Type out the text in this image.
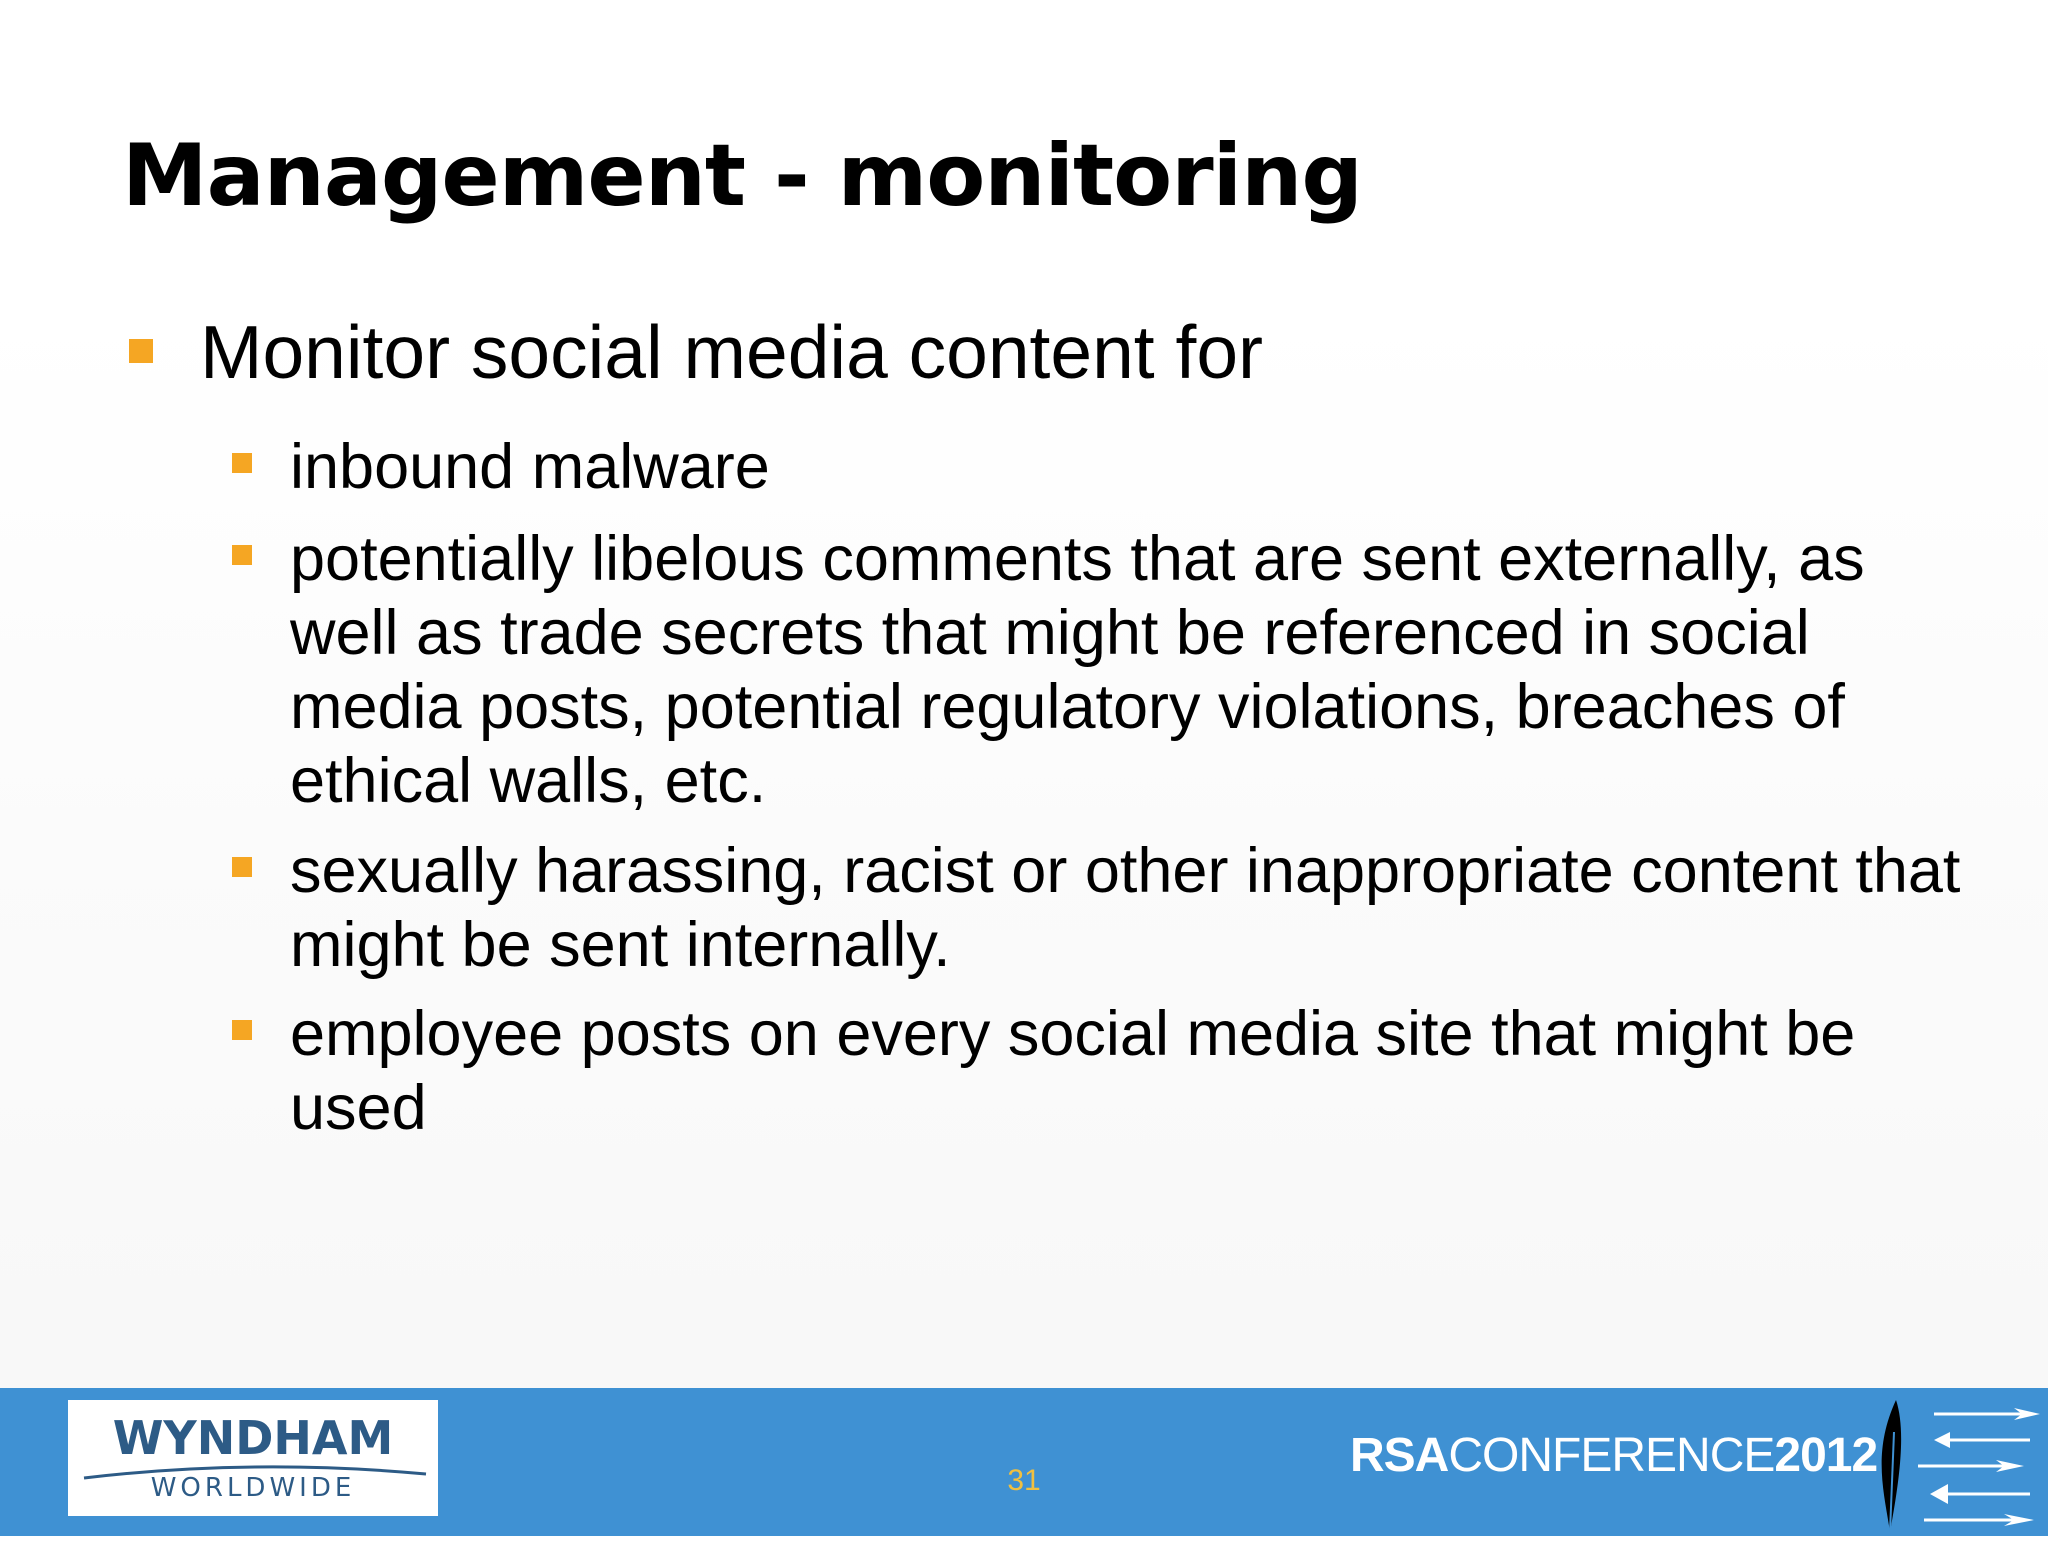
Management - monitoring
Monitor social media content for
inbound malware
potentially libelous comments that are sent externally, as well as trade secrets that might be referenced in social media posts, potential regulatory violations, breaches of ethical walls, etc.
sexually harassing, racist or other inappropriate content that might be sent internally.
employee posts on every social media site that might be used
WYNDHAM
WORLDWIDE	31	RSACONFERENCE2012
